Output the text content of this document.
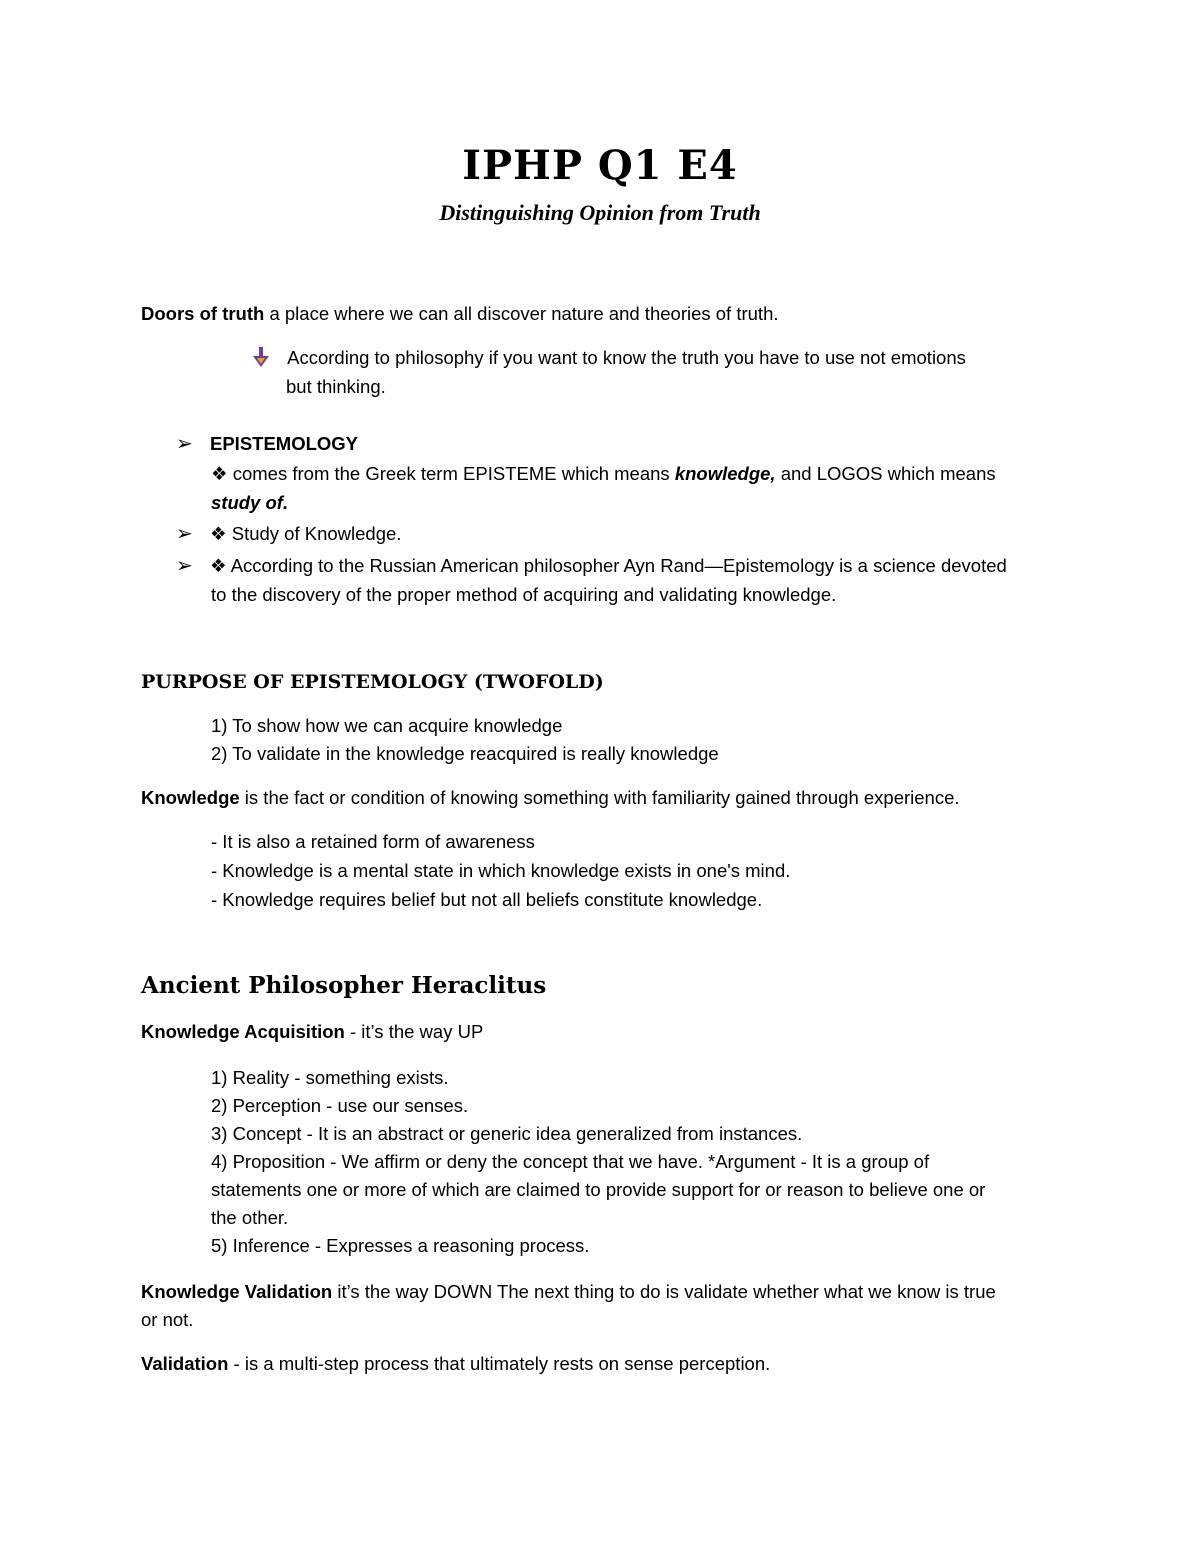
IPHP Q1 E4
Distinguishing Opinion from Truth
Doors of truth a place where we can all discover nature and theories of truth.
According to philosophy if you want to know the truth you have to use not emotions
but thinking.
➢ EPISTEMOLOGY
❖ comes from the Greek term EPISTEME which means knowledge, and LOGOS which means
study of.
➢ ❖ Study of Knowledge.
➢ ❖ According to the Russian American philosopher Ayn Rand—Epistemology is a science devoted
to the discovery of the proper method of acquiring and validating knowledge.
PURPOSE OF EPISTEMOLOGY (TWOFOLD)
1) To show how we can acquire knowledge
2) To validate in the knowledge reacquired is really knowledge
Knowledge is the fact or condition of knowing something with familiarity gained through experience.
- It is also a retained form of awareness
- Knowledge is a mental state in which knowledge exists in one's mind.
- Knowledge requires belief but not all beliefs constitute knowledge.
Ancient Philosopher Heraclitus
Knowledge Acquisition - it’s the way UP
1) Reality - something exists.
2) Perception - use our senses.
3) Concept - It is an abstract or generic idea generalized from instances.
4) Proposition - We affirm or deny the concept that we have. *Argument - It is a group of
statements one or more of which are claimed to provide support for or reason to believe one or
the other.
5) Inference - Expresses a reasoning process.
Knowledge Validation it’s the way DOWN The next thing to do is validate whether what we know is true
or not.
Validation - is a multi-step process that ultimately rests on sense perception.
